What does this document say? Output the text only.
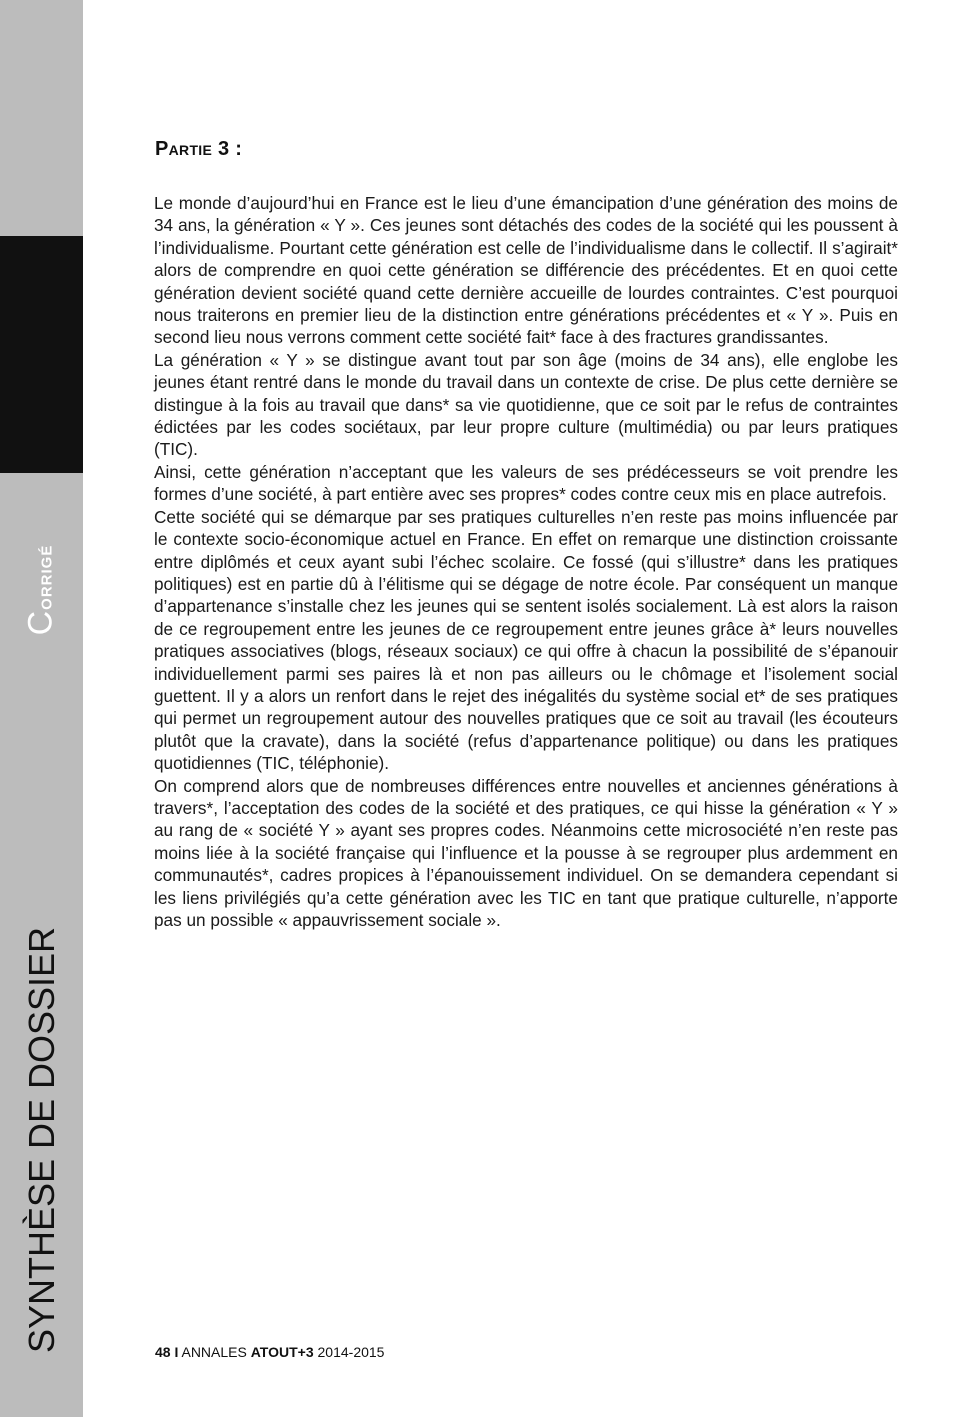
Corrigé
SYNTHÈSE DE DOSSIER
Partie 3 :

Le monde d’aujourd’hui en France est le lieu d’une émancipation d’une génération des moins de 34 ans, la génération « Y ». Ces jeunes sont détachés des codes de la société qui les poussent à l’individualisme. Pourtant cette génération est celle de l’individualisme dans le collectif. Il s’agirait* alors de comprendre en quoi cette génération se différencie des précédentes. Et en quoi cette génération devient société quand cette dernière accueille de lourdes contraintes. C’est pourquoi nous traiterons en premier lieu de la distinction entre générations précédentes et « Y ». Puis en second lieu nous verrons comment cette société fait* face à des fractures grandissantes.

La génération « Y » se distingue avant tout par son âge (moins de 34 ans), elle englobe les jeunes étant rentré dans le monde du travail dans un contexte de crise. De plus cette dernière se distingue à la fois au travail que dans* sa vie quotidienne, que ce soit par le refus de contraintes édictées par les codes sociétaux, par leur propre culture (multimédia) ou par leurs pratiques (TIC).

Ainsi, cette génération n’acceptant que les valeurs de ses prédécesseurs se voit prendre les formes d’une société, à part entière avec ses propres* codes contre ceux mis en place autrefois.

Cette société qui se démarque par ses pratiques culturelles n’en reste pas moins influencée par le contexte socio-économique actuel en France. En effet on remarque une distinction croissante entre diplômés et ceux ayant subi l’échec scolaire. Ce fossé (qui s’illustre* dans les pratiques politiques) est en partie dû à l’élitisme qui se dégage de notre école. Par conséquent un manque d’appartenance s’installe chez les jeunes qui se sentent isolés socialement. Là est alors la raison de ce regroupement entre les jeunes de ce regroupement entre jeunes grâce à* leurs nouvelles pratiques associatives (blogs, réseaux sociaux) ce qui offre à chacun la possibilité de s’épanouir individuellement parmi ses paires là et non pas ailleurs ou le chômage et l’isolement social guettent. Il y a alors un renfort dans le rejet des inégalités du système social et* de ses pratiques qui permet un regroupement autour des nouvelles pratiques que ce soit au travail (les écouteurs plutôt que la cravate), dans la société (refus d’appartenance politique) ou dans les pratiques quotidiennes (TIC, téléphonie).

On comprend alors que de nombreuses différences entre nouvelles et anciennes générations à travers*, l’acceptation des codes de la société et des pratiques, ce qui hisse la génération « Y » au rang de « société Y » ayant ses propres codes. Néanmoins cette microsociété n’en reste pas moins liée à la société française qui l’influence et la pousse à se regrouper plus ardemment en communautés*, cadres propices à l’épanouissement individuel. On se demandera cependant si les liens privilégiés qu’a cette génération avec les TIC en tant que pratique culturelle, n’apporte pas un possible « appauvrissement sociale ».

48 I ANNALES ATOUT+3 2014-2015
